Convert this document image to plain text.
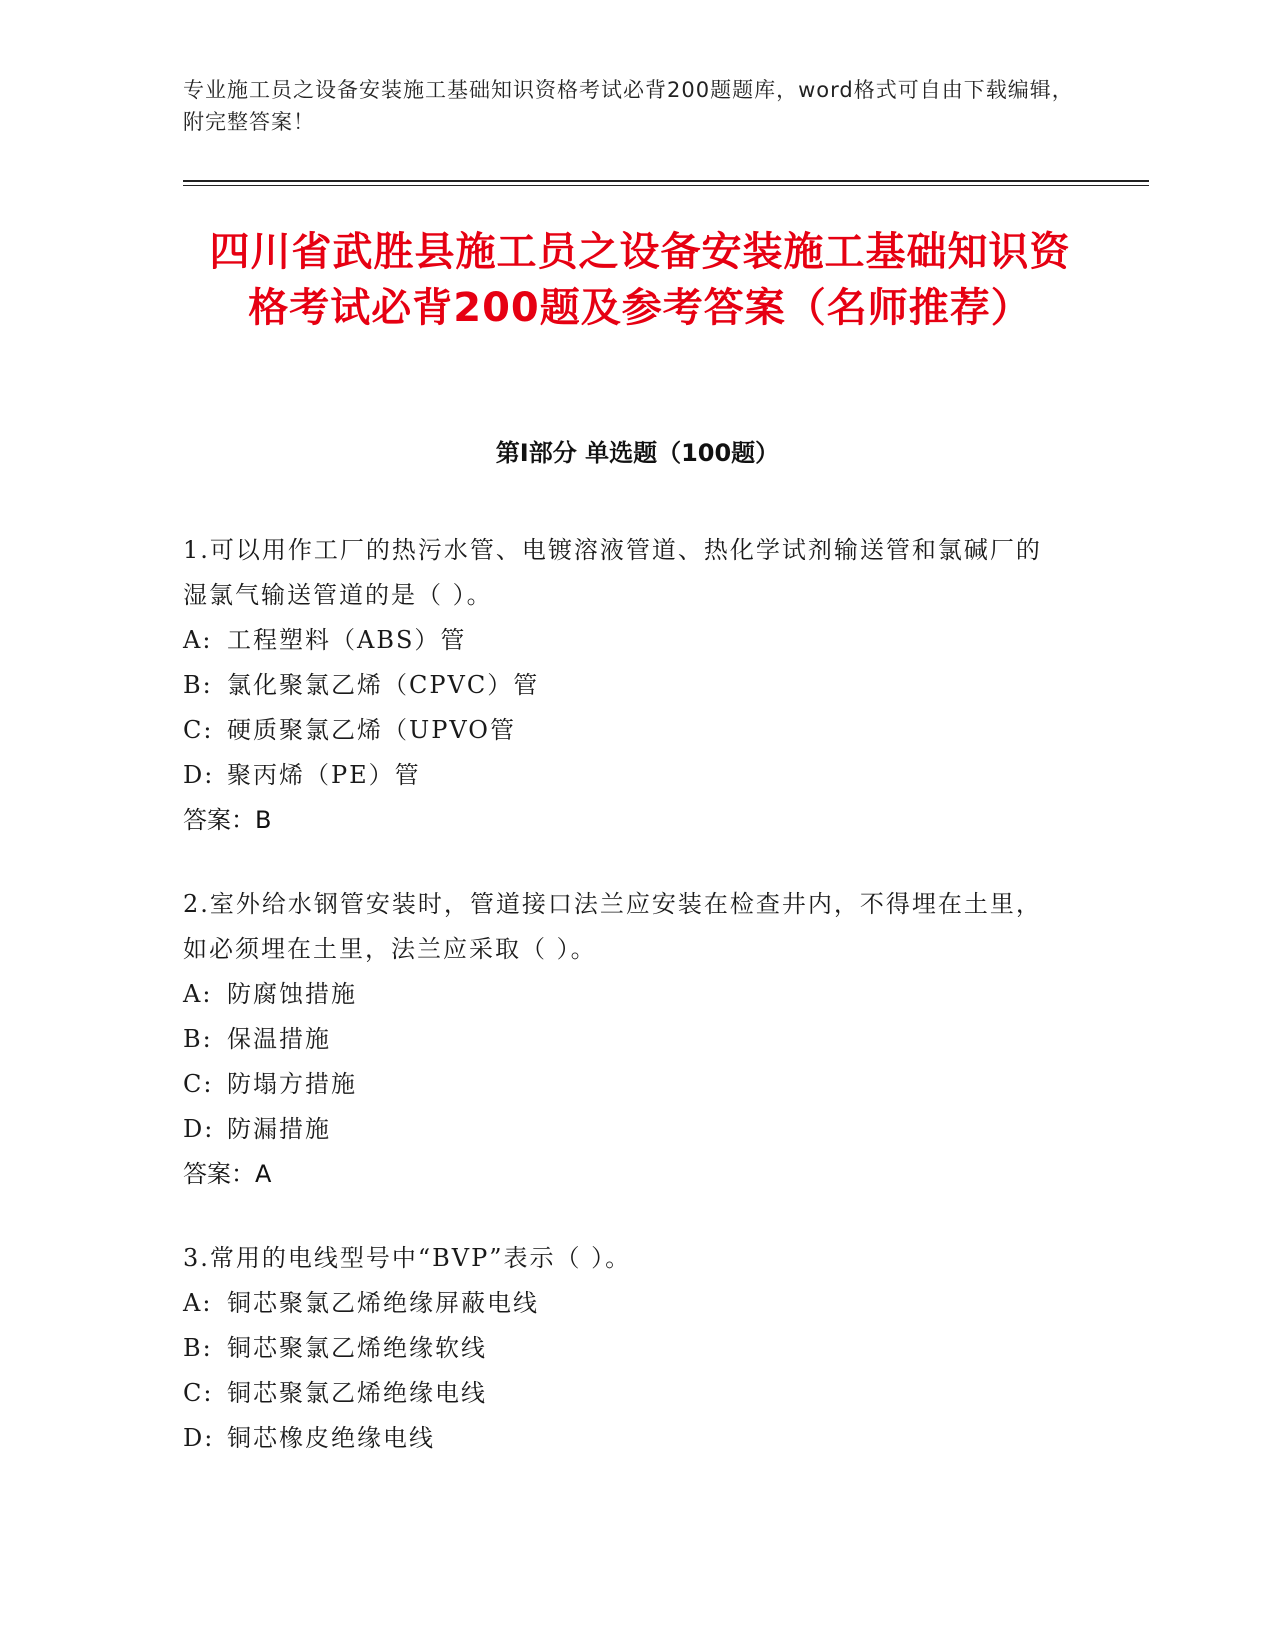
专业施工员之设备安装施工基础知识资格考试必背200题题库，word格式可自由下载编辑，附完整答案！
四川省武胜县施工员之设备安装施工基础知识资格考试必背200题及参考答案（名师推荐）
第Ⅰ部分 单选题（100题）

1.可以用作工厂的热污水管、电镀溶液管道、热化学试剂输送管和氯碱厂的湿氯气输送管道的是（ ）。

A: 工程塑料（ABS）管

B: 氯化聚氯乙烯（CPVC）管

C: 硬质聚氯乙烯（UPVO管

D: 聚丙烯（PE）管

答案：B

2.室外给水钢管安装时，管道接口法兰应安装在检查井内，不得埋在土里，如必须埋在土里，法兰应采取（ ）。

A: 防腐蚀措施

B: 保温措施

C: 防塌方措施

D: 防漏措施

答案：A

3.常用的电线型号中“BVP”表示（ ）。

A: 铜芯聚氯乙烯绝缘屏蔽电线

B: 铜芯聚氯乙烯绝缘软线

C: 铜芯聚氯乙烯绝缘电线

D: 铜芯橡皮绝缘电线
